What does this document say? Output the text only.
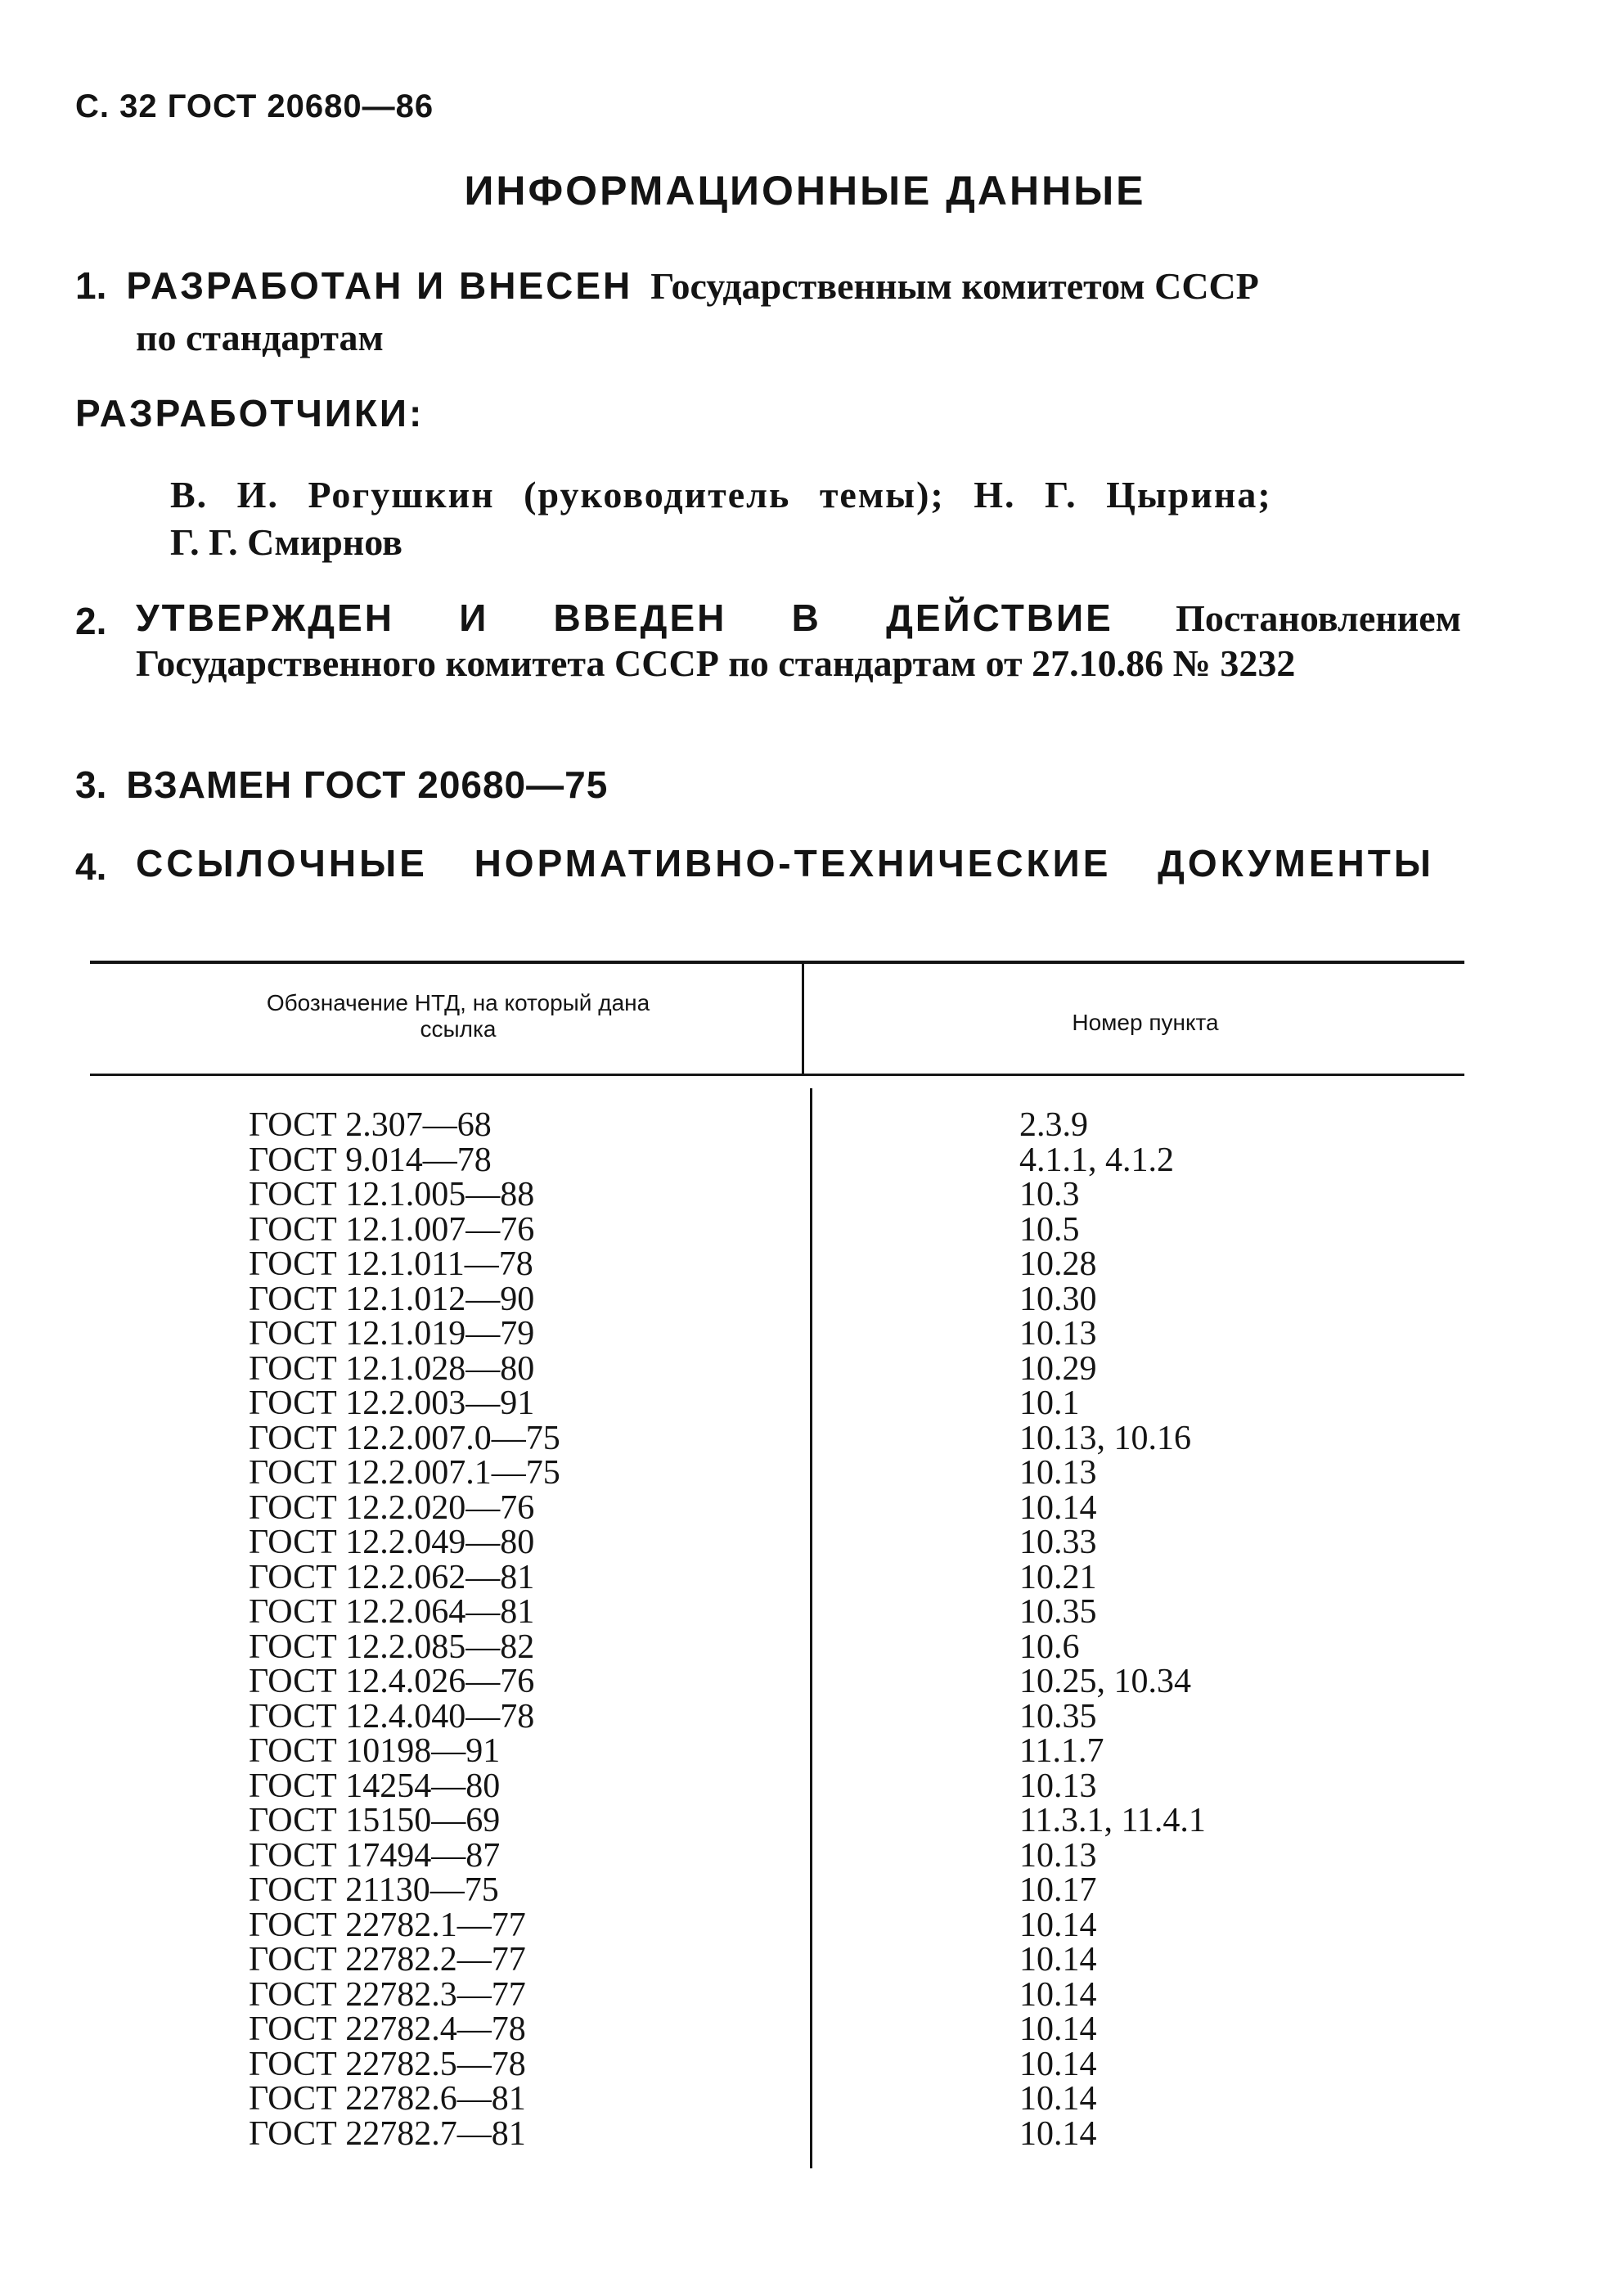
С. 32 ГОСТ 20680—86
ИНФОРМАЦИОННЫЕ ДАННЫЕ
1. РАЗРАБОТАН И ВНЕСЕН Государственным комитетом СССР
по стандартам
РАЗРАБОТЧИКИ:
В. И. Рогушкин (руководитель темы); Н. Г. Цырина;
Г. Г. Смирнов
2. УТВЕРЖДЕН И ВВЕДЕН В ДЕЙСТВИЕ Постановлением Государственного комитета СССР по стандартам от 27.10.86 № 3232
3. ВЗАМЕН ГОСТ 20680—75
4. ССЫЛОЧНЫЕ НОРМАТИВНО-ТЕХНИЧЕСКИЕ ДОКУМЕНТЫ
Обозначение НТД, на который дана ссылка	Номер пункта
ГОСТ 2.307—68
ГОСТ 9.014—78
ГОСТ 12.1.005—88
ГОСТ 12.1.007—76
ГОСТ 12.1.011—78
ГОСТ 12.1.012—90
ГОСТ 12.1.019—79
ГОСТ 12.1.028—80
ГОСТ 12.2.003—91
ГОСТ 12.2.007.0—75
ГОСТ 12.2.007.1—75
ГОСТ 12.2.020—76
ГОСТ 12.2.049—80
ГОСТ 12.2.062—81
ГОСТ 12.2.064—81
ГОСТ 12.2.085—82
ГОСТ 12.4.026—76
ГОСТ 12.4.040—78
ГОСТ 10198—91
ГОСТ 14254—80
ГОСТ 15150—69
ГОСТ 17494—87
ГОСТ 21130—75
ГОСТ 22782.1—77
ГОСТ 22782.2—77
ГОСТ 22782.3—77
ГОСТ 22782.4—78
ГОСТ 22782.5—78
ГОСТ 22782.6—81
ГОСТ 22782.7—81
2.3.9
4.1.1, 4.1.2
10.3
10.5
10.28
10.30
10.13
10.29
10.1
10.13, 10.16
10.13
10.14
10.33
10.21
10.35
10.6
10.25, 10.34
10.35
11.1.7
10.13
11.3.1, 11.4.1
10.13
10.17
10.14
10.14
10.14
10.14
10.14
10.14
10.14
